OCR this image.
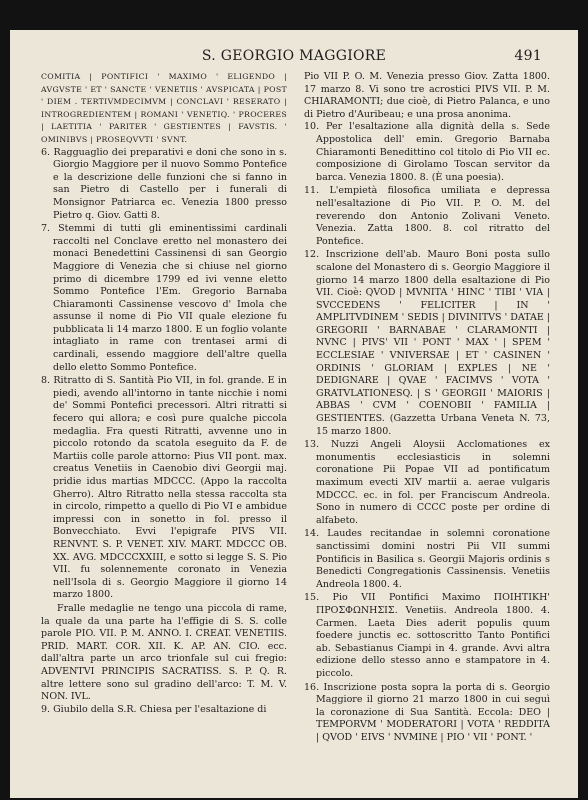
S. GEORGIO MAGGIORE	491

COMITIA | PONTIFICI ' MAXIMO ' ELIGENDO | AVGVSTE ' ET ' SANCTE ' VENETIIS ' AVSPICATA | POST ' DIEM . TERTIVMDECIMVM | CONCLAVI ' RESERATO | INTROGREDIENTEM | ROMANI ' VENETIQ. ' PROCERES | LAETITIA ' PARITER ' GESTIENTES | FAVSTIS. ' OMINIBVS | PROSEQVVTI ' SVNT.

6. Ragguaglio dei preparativi e doni che sono in s. Giorgio Maggiore per il nuovo Sommo Pontefice e la descrizione delle funzioni che si fanno in san Pietro di Castello per i funerali di Monsignor Patriarca ec. Venezia 1800 presso Pietro q. Giov. Gatti 8.

7. Stemmi di tutti gli eminentissimi cardinali raccolti nel Conclave eretto nel monastero dei monaci Benedettini Cassinensi di san Georgio Maggiore di Venezia che si chiuse nel giorno primo di dicembre 1799 ed ivi venne eletto Sommo Pontefice l'Em. Gregorio Barnaba Chiaramonti Cassinense vescovo d' Imola che assunse il nome di Pio VII quale elezione fu pubblicata li 14 marzo 1800. E un foglio volante intagliato in rame con trentasei armi di cardinali, essendo maggiore dell'altre quella dello eletto Sommo Pontefice.

8. Ritratto di S. Santità Pio VII, in fol. grande. E in piedi, avendo all'intorno in tante nicchie i nomi de' Sommi Pontefici precessori. Altri ritratti si fecero qui allora; e così pure qualche piccola medaglia. Fra questi Ritratti, avvenne uno in piccolo rotondo da scatola eseguito da F. de Martiis colle parole attorno: Pius VII pont. max. creatus Venetiis in Caenobio divi Georgii maj. pridie idus martias MDCCC. (Appo la raccolta Gherro). Altro Ritratto nella stessa raccolta sta in circolo, rimpetto a quello di Pio VI e ambidue impressi con in sonetto in fol. presso il Bonvecchiato. Evvi l'epigrafe PIVS VII. RENVNT. S. P. VENET. XIV. MART. MDCCC OB. XX. AVG. MDCCCXXIII, e sotto si legge S. S. Pio VII. fu solennemente coronato in Venezia nell'Isola di s. Georgio Maggiore il giorno 14 marzo 1800.

Fralle medaglie ne tengo una piccola di rame, la quale da una parte ha l'effigie di S. S. colle parole PIO. VII. P. M. ANNO. I. CREAT. VENETIIS. PRID. MART. COR. XII. K. AP. AN. CIO. ecc. dall'altra parte un arco trionfale sul cui fregio: ADVENTVI PRINCIPIS SACRATISS. S. P. Q. R. altre lettere sono sul gradino dell'arco: T. M. V. NON. IVL.

9. Giubilo della S.R. Chiesa per l'esaltazione di

Pio VII P. O. M. Venezia presso Giov. Zatta 1800. 17 marzo 8. Vi sono tre acrostici PIVS VII. P. M. CHIARAMONTI; due cioè, di Pietro Palanca, e uno di Pietro d'Auribeau; e una prosa anonima.

10. Per l'esaltazione alla dignità della s. Sede Appostolica dell' emin. Gregorio Barnaba Chiaramonti Benedittino col titolo di Pio VII ec. composizione di Girolamo Toscan servitor da barca. Venezia 1800. 8. (È una poesia).

11. L'empietà filosofica umiliata e depressa nell'esaltazione di Pio VII. P. O. M. del reverendo don Antonio Zolivani Veneto. Venezia. Zatta 1800. 8. col ritratto del Pontefice.

12. Inscrizione dell'ab. Mauro Boni posta sullo scalone del Monastero di s. Georgio Maggiore il giorno 14 marzo 1800 della esaltazione di Pio VII. Cioè: QVOD | MVNITA ' HINC ' TIBI ' VIA | SVCCEDENS ' FELICITER | IN ' AMPLITVDINEM ' SEDIS | DIVINITVS ' DATAE | GREGORII ' BARNABAE ' CLARAMONTI | NVNC | PIVS' VII ' PONT ' MAX ' | SPEM ' ECCLESIAE ' VNIVERSAE | ET ' CASINEN ' ORDINIS ' GLORIAM | EXPLES | NE ' DEDIGNARE | QVAE ' FACIMVS ' VOTA ' GRATVLATIONESQ. | S ' GEORGII ' MAIORIS | ABBAS ' CVM ' COENOBII ' FAMILIA | GESTIENTES. (Gazzetta Urbana Veneta N. 73, 15 marzo 1800.

13. Nuzzi Angeli Aloysii Acclomationes ex monumentis ecclesiasticis in solemni coronatione Pii Popae VII ad pontificatum maximum evecti XIV martii a. aerae vulgaris MDCCC. ec. in fol. per Franciscum Andreola. Sono in numero di CCCC poste per ordine di alfabeto.

14. Laudes recitandae in solemni coronatione sanctissimi domini nostri Pii VII summi Pontificis in Basilica s. Georgii Majoris ordinis s Benedicti Congregationis Cassinensis. Venetiis Andreola 1800. 4.

15. Pio VII Pontifici Maximo ΠΟΙΗΤΙΚΗ' ΠΡΟΣΦΩΝΗΣΙΣ. Venetiis. Andreola 1800. 4. Carmen. Laeta Dies aderit populis quum foedere junctis ec. sottoscritto Tanto Pontifici ab. Sebastianus Ciampi in 4. grande. Avvi altra edizione dello stesso anno e stampatore in 4. piccolo.

16. Inscrizione posta sopra la porta di s. Georgio Maggiore il giorno 21 marzo 1800 in cui seguì la coronazione di Sua Santità. Eccola: DEO | TEMPORVM ' MODERATORI | VOTA ' REDDITA | QVOD ' EIVS ' NVMINE | PIO ' VII ' PONT. '
